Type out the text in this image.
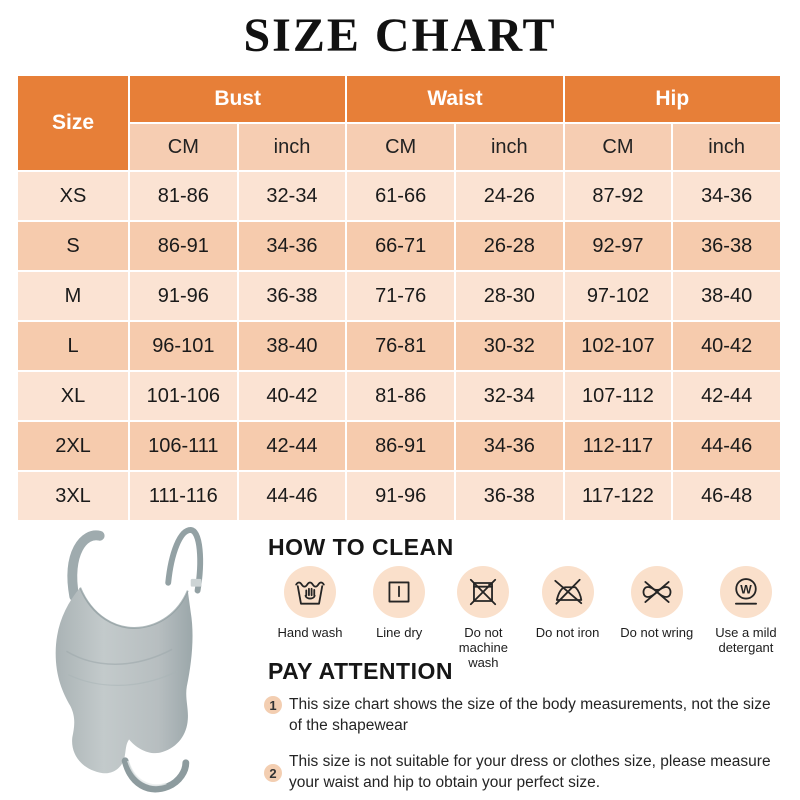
SIZE CHART
Size	Bust		Waist		Hip	
	CM	inch	CM	inch	CM	inch
XS	81-86	32-34	61-66	24-26	87-92	34-36
S	86-91	34-36	66-71	26-28	92-97	36-38
M	91-96	36-38	71-76	28-30	97-102	38-40
L	96-101	38-40	76-81	30-32	102-107	40-42
XL	101-106	40-42	81-86	32-34	107-112	42-44
2XL	106-111	42-44	86-91	34-36	112-117	44-46
3XL	111-116	44-46	91-96	36-38	117-122	46-48
HOW TO CLEAN
Hand wash	Line dry	Do not machine wash
Do not iron Do not wring
W
Use a mild detergant
PAY ATTENTION
1 This size chart shows the size of the body measurements, not the size of the shapewear
2
This size is not suitable for your dress or clothes size, please measure your waist and hip to obtain your perfect size.
